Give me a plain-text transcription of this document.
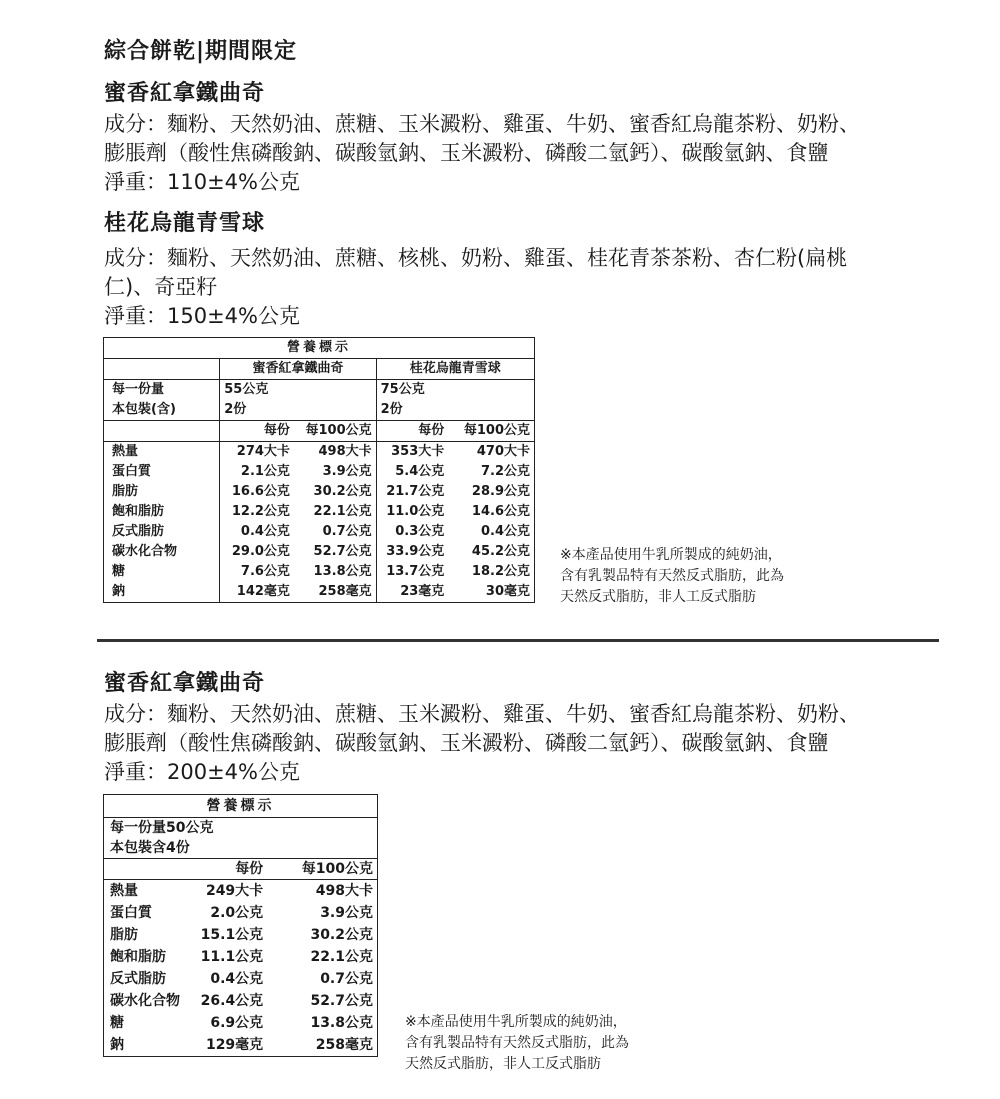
綜合餅乾|期間限定
蜜香紅拿鐵曲奇
成分：麵粉、天然奶油、蔗糖、玉米澱粉、雞蛋、牛奶、蜜香紅烏龍茶粉、奶粉、
膨脹劑（酸性焦磷酸鈉、碳酸氫鈉、玉米澱粉、磷酸二氫鈣）、碳酸氫鈉、食鹽
淨重：110±4%公克
桂花烏龍青雪球
成分：麵粉、天然奶油、蔗糖、核桃、奶粉、雞蛋、桂花青茶茶粉、杏仁粉(扁桃
仁)、奇亞籽
淨重：150±4%公克
營養標示				
	蜜香紅拿鐵曲奇		桂花烏龍青雪球	
每一份量	55公克		75公克	
本包裝(含)	2份		2份	
	每份	每100公克	每份	每100公克
熱量	274大卡	498大卡	353大卡	470大卡
蛋白質	2.1公克	3.9公克	5.4公克	7.2公克
脂肪	16.6公克	30.2公克	21.7公克	28.9公克
飽和脂肪	12.2公克	22.1公克	11.0公克	14.6公克
反式脂肪	0.4公克	0.7公克	0.3公克	0.4公克
碳水化合物	29.0公克	52.7公克	33.9公克	45.2公克
糖	7.6公克	13.8公克	13.7公克	18.2公克
鈉	142毫克	258毫克	23毫克	30毫克
※本產品使用牛乳所製成的純奶油，
含有乳製品特有天然反式脂肪，此為
天然反式脂肪，非人工反式脂肪
蜜香紅拿鐵曲奇
成分：麵粉、天然奶油、蔗糖、玉米澱粉、雞蛋、牛奶、蜜香紅烏龍茶粉、奶粉、
膨脹劑（酸性焦磷酸鈉、碳酸氫鈉、玉米澱粉、磷酸二氫鈣）、碳酸氫鈉、食鹽
淨重：200±4%公克
營養標示		
每一份量50公克		
本包裝含4份		
	每份	每100公克
熱量	249大卡	498大卡
蛋白質	2.0公克	3.9公克
脂肪	15.1公克	30.2公克
飽和脂肪	11.1公克	22.1公克
反式脂肪	0.4公克	0.7公克
碳水化合物	26.4公克	52.7公克
糖	6.9公克	13.8公克
鈉	129毫克	258毫克
※本產品使用牛乳所製成的純奶油，
含有乳製品特有天然反式脂肪，此為
天然反式脂肪，非人工反式脂肪
